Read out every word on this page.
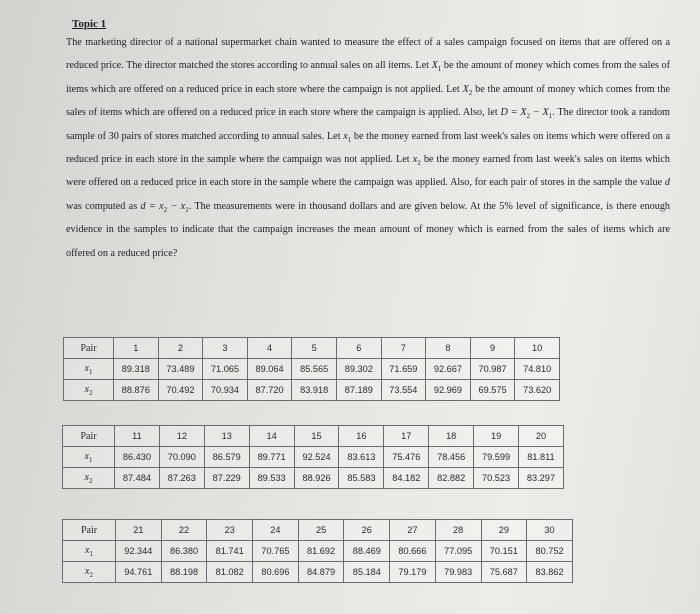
Topic 1

The marketing director of a national supermarket chain wanted to measure the effect of a sales campaign focused on items that are offered on a reduced price. The director matched the stores according to annual sales on all items. Let $X_1$ be the amount of money which comes from the sales of items which are offered on a reduced price in each store where the campaign is not applied. Let $X_2$ be the amount of money which comes from the sales of items which are offered on a reduced price in each store where the campaign is applied. Also, let $D = X_2 - X_1$. The director took a random sample of 30 pairs of stores matched according to annual sales. Let $x_1$ be the money earned from last week's sales on items which were offered on a reduced price in each store in the sample where the campaign was not applied. Let $x_2$ be the money earned from last week's sales on items which were offered on a reduced price in each store in the sample where the campaign was applied. Also, for each pair of stores in the sample the value d was computed as $d = x_2 - x_1$. The measurements were in thousand dollars and are given below. At the 5% level of significance, is there enough evidence in the samples to indicate that the campaign increases the mean amount of money which is earned from the sales of items which are offered on a reduced price?

Pair	1	2	3	4	5	6	7	8	9	10
$x_1$	89.318	73.489	71.065	89.064	85.565	89.302	71.659	92.667	70.987	74.810
$x_2$	88.876	70.492	70.934	87.720	83.918	87.189	73.554	92.969	69.575	73.620
Pair	11	12	13	14	15	16	17	18	19	20
$x_1$	86.430	70.090	86.579	89.771	92.524	83.613	75.476	78.456	79.599	81.811
$x_2$	87.484	87.263	87.229	89.533	88.926	85.583	84.182	82.882	70.523	83.297
Pair	21	22	23	24	25	26	27	28	29	30
$x_1$	92.344	86.380	81.741	70.765	81.692	88.469	80.666	77.095	70.151	80.752
$x_2$	94.761	88.198	81.082	80.696	84.879	85.184	79.179	79.983	75.687	83.862
